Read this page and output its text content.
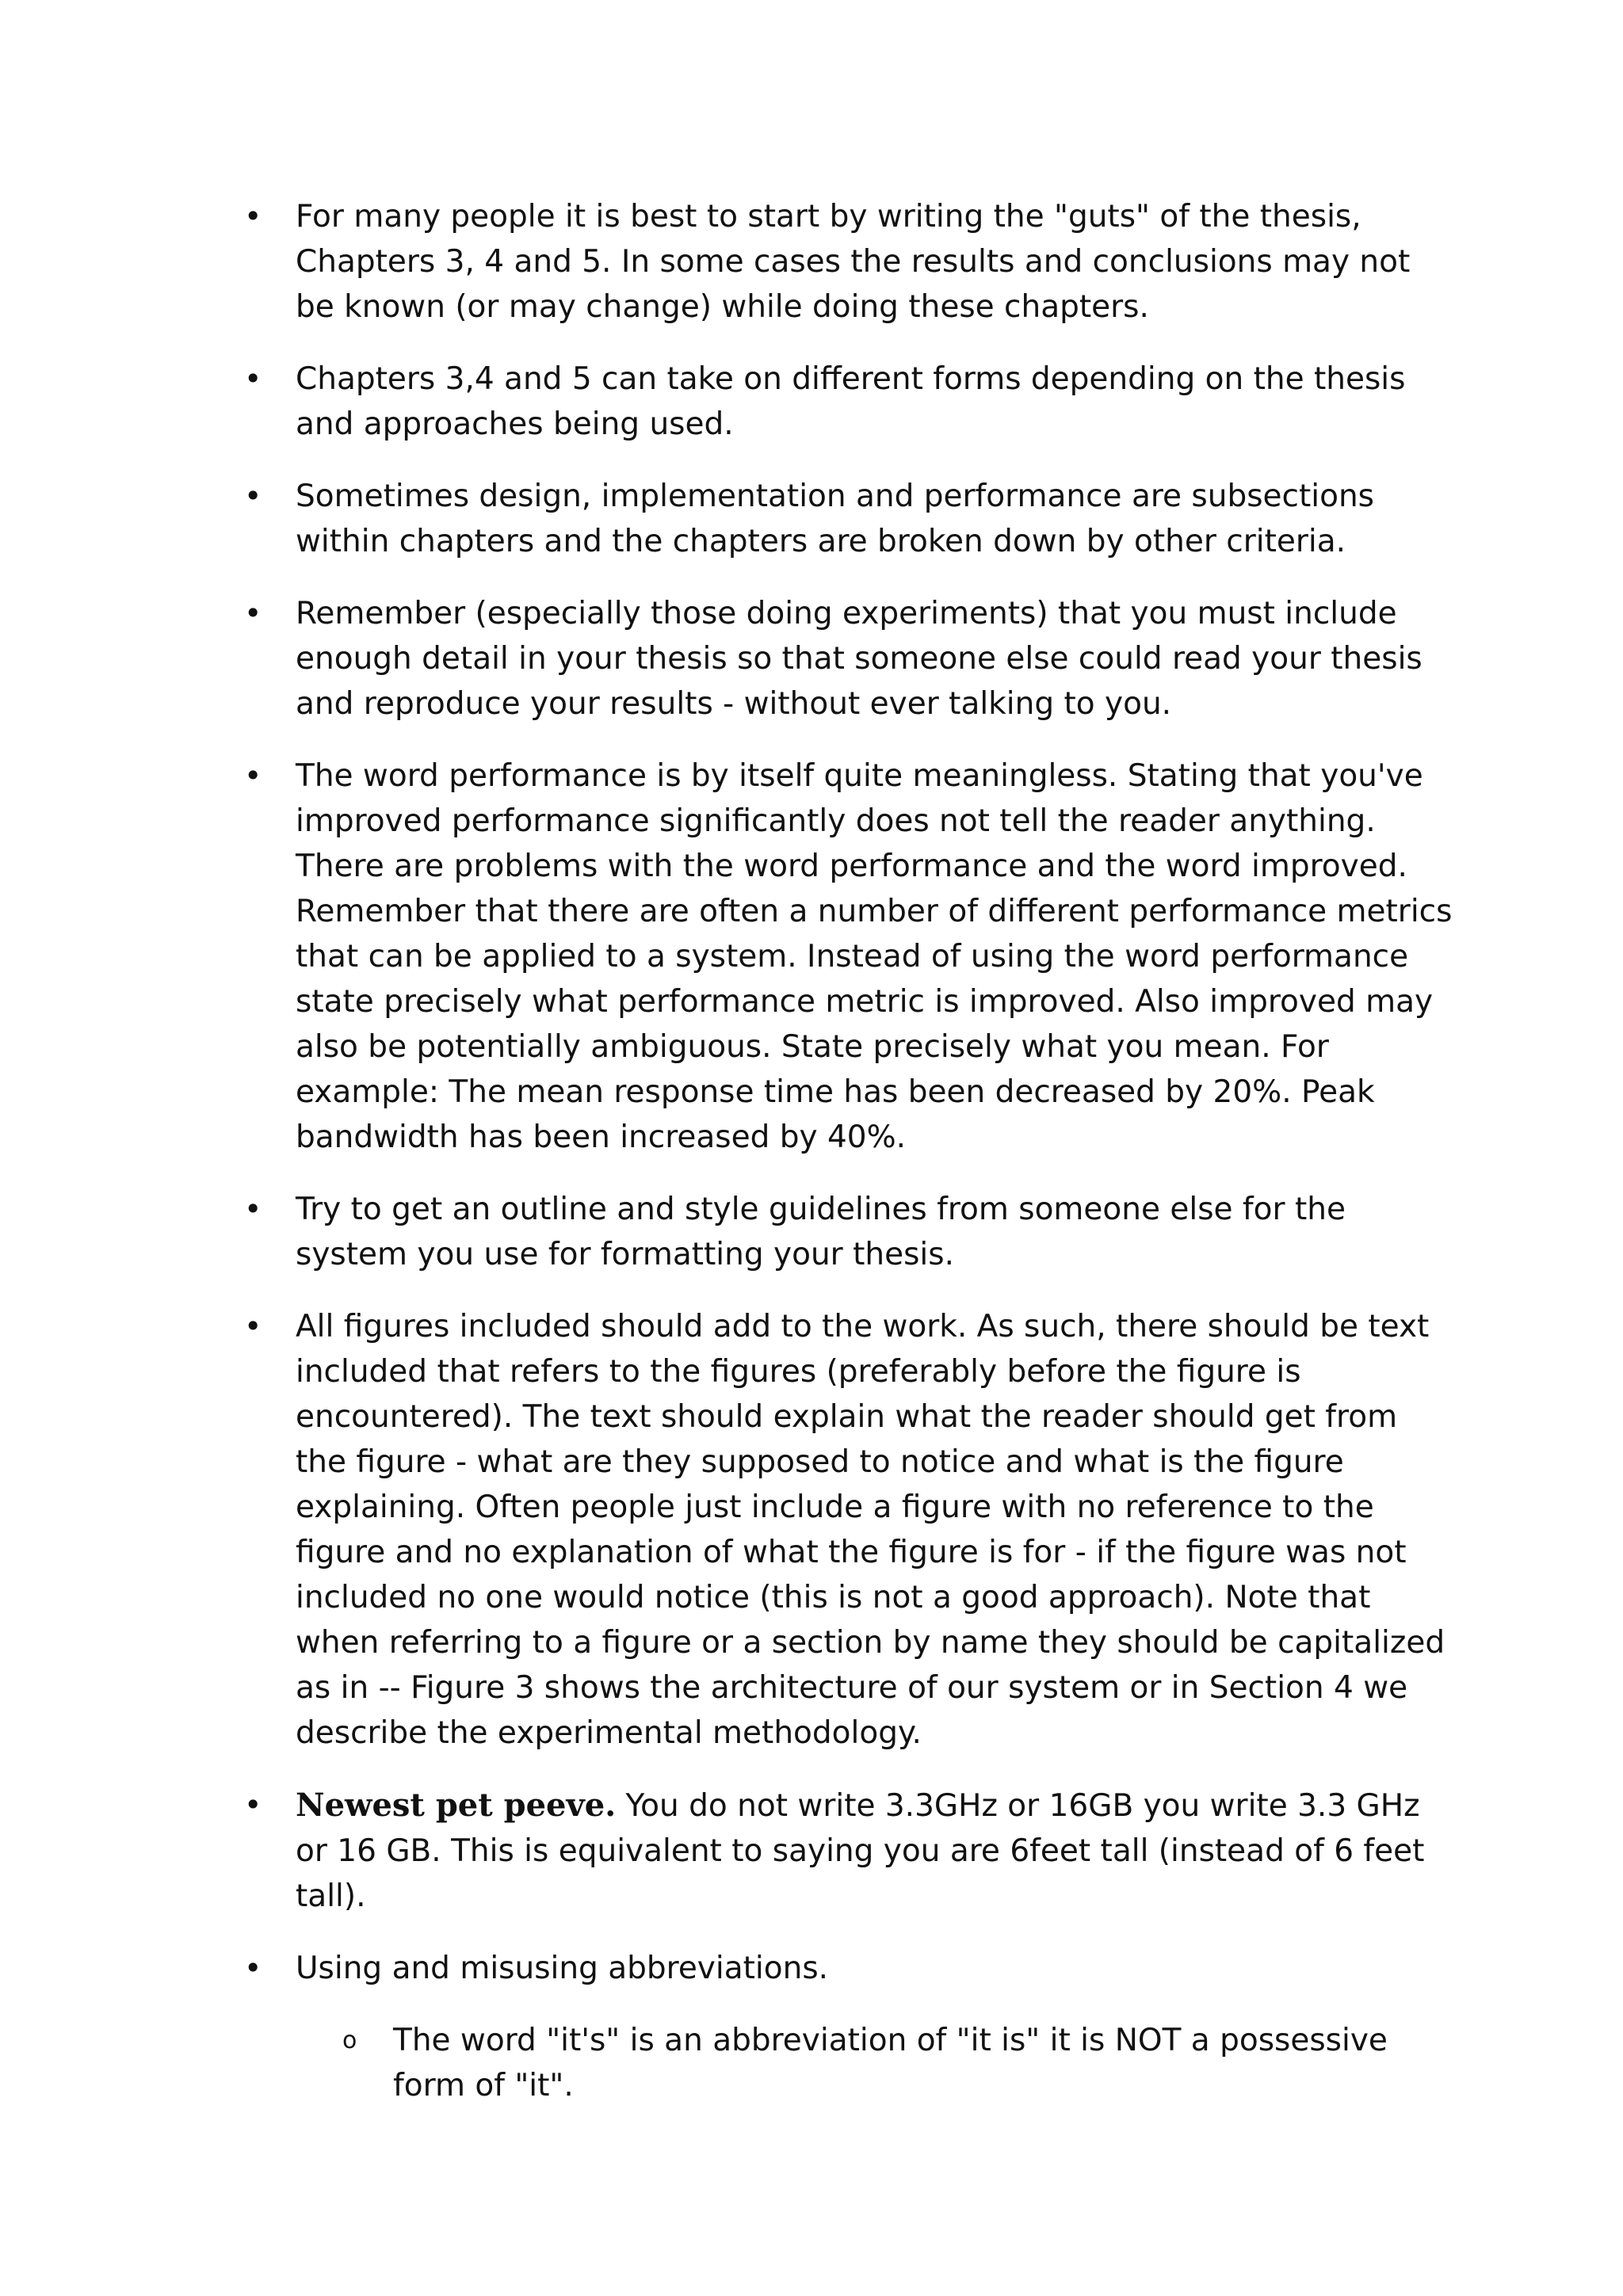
• For many people it is best to start by writing the "guts" of the thesis, Chapters 3, 4 and 5. In some cases the results and conclusions may not be known (or may change) while doing these chapters.
• Chapters 3,4 and 5 can take on different forms depending on the thesis and approaches being used.
• Sometimes design, implementation and performance are subsections within chapters and the chapters are broken down by other criteria.
• Remember (especially those doing experiments) that you must include enough detail in your thesis so that someone else could read your thesis and reproduce your results - without ever talking to you.
• The word performance is by itself quite meaningless. Stating that you've improved performance significantly does not tell the reader anything. There are problems with the word performance and the word improved. Remember that there are often a number of different performance metrics that can be applied to a system. Instead of using the word performance state precisely what performance metric is improved. Also improved may also be potentially ambiguous. State precisely what you mean. For example: The mean response time has been decreased by 20%. Peak bandwidth has been increased by 40%.
• Try to get an outline and style guidelines from someone else for the system you use for formatting your thesis.
• All figures included should add to the work. As such, there should be text included that refers to the figures (preferably before the figure is encountered). The text should explain what the reader should get from the figure - what are they supposed to notice and what is the figure explaining. Often people just include a figure with no reference to the figure and no explanation of what the figure is for - if the figure was not included no one would notice (this is not a good approach). Note that when referring to a figure or a section by name they should be capitalized as in -- Figure 3 shows the architecture of our system or in Section 4 we describe the experimental methodology.
• Newest pet peeve. You do not write 3.3GHz or 16GB you write 3.3 GHz or 16 GB. This is equivalent to saying you are 6feet tall (instead of 6 feet tall).
• Using and misusing abbreviations.
o The word "it's" is an abbreviation of "it is" it is NOT a possessive form of "it".
